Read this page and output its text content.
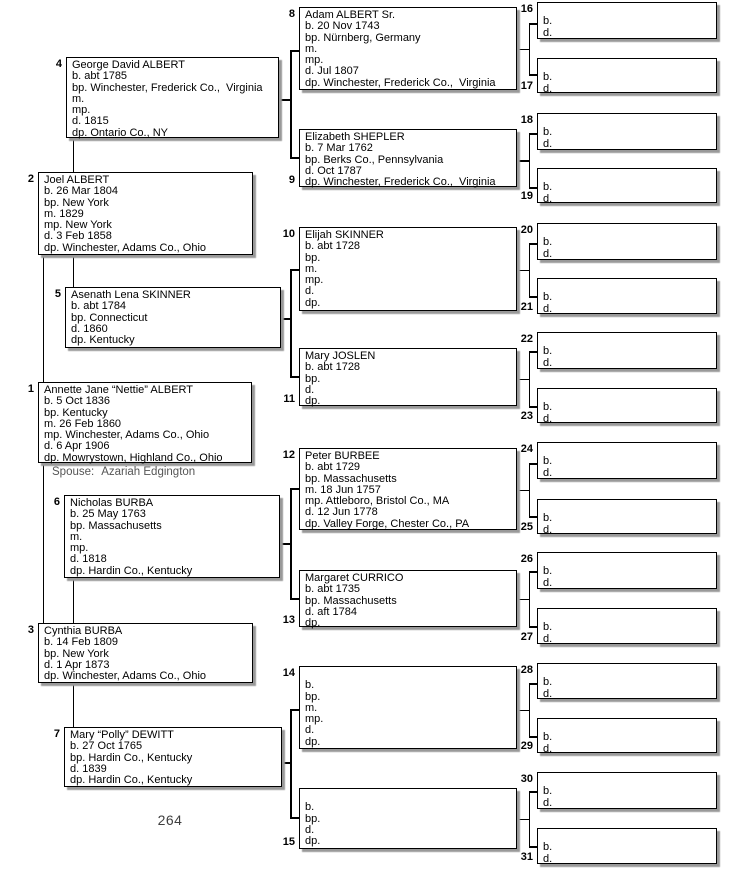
1 Annette Jane “Nettie” ALBERT
b. 5 Oct 1836
bp. Kentucky
m. 26 Feb 1860
mp. Winchester, Adams Co., Ohio
d. 6 Apr 1906
dp. Mowrystown, Highland Co., Ohio
2 Joel ALBERT
b. 26 Mar 1804
bp. New York
m. 1829
mp. New York
d. 3 Feb 1858
dp. Winchester, Adams Co., Ohio
3 Cynthia BURBA
b. 14 Feb 1809
bp. New York
d. 1 Apr 1873
dp. Winchester, Adams Co., Ohio
4 George David ALBERT
b. abt 1785
bp. Winchester, Frederick Co.,  Virginia
m.
mp.
d. 1815
dp. Ontario Co., NY
5 Asenath Lena SKINNER
b. abt 1784
bp. Connecticut
d. 1860
dp. Kentucky
6 Nicholas BURBA
b. 25 May 1763
bp. Massachusetts
m.
mp.
d. 1818
dp. Hardin Co., Kentucky
7 Mary “Polly” DEWITT
b. 27 Oct 1765
bp. Hardin Co., Kentucky
d. 1839
dp. Hardin Co., Kentucky
8 Adam ALBERT Sr.
b. 20 Nov 1743
bp. Nürnberg, Germany
m.
mp.
d. Jul 1807
dp. Winchester, Frederick Co.,  Virginia
9
Elizabeth SHEPLER
b. 7 Mar 1762
bp. Berks Co., Pennsylvania
d. Oct 1787
dp. Winchester, Frederick Co.,  Virginia
10 Elijah SKINNER
b. abt 1728
bp.
m.
mp.
d.
dp.
11
Mary JOSLEN
b. abt 1728
bp.
d.
dp.
12 Peter BURBEE
b. abt 1729
bp. Massachusetts
m. 18 Jun 1757
mp. Attleboro, Bristol Co., MA
d. 12 Jun 1778
dp. Valley Forge, Chester Co., PA
13
Margaret CURRICO
b. abt 1735
bp. Massachusetts
d. aft 1784
dp.
14
b.
bp.
m.
mp.
d.
dp.
15
b.
bp.
d.
dp.
16
b.
d.
17
b.
d.
18
b.
d.
19
b.
d.
20
b.
d.
21
b.
d.
22
b.
d.
23
b.
d.
24
b.
d.
25
b.
d.
26
b.
d.
27
b.
d.
28
b.
d.
29
b.
d.
30
b.
d.
31
b.
d.
Spouse: Azariah Edgington
264
